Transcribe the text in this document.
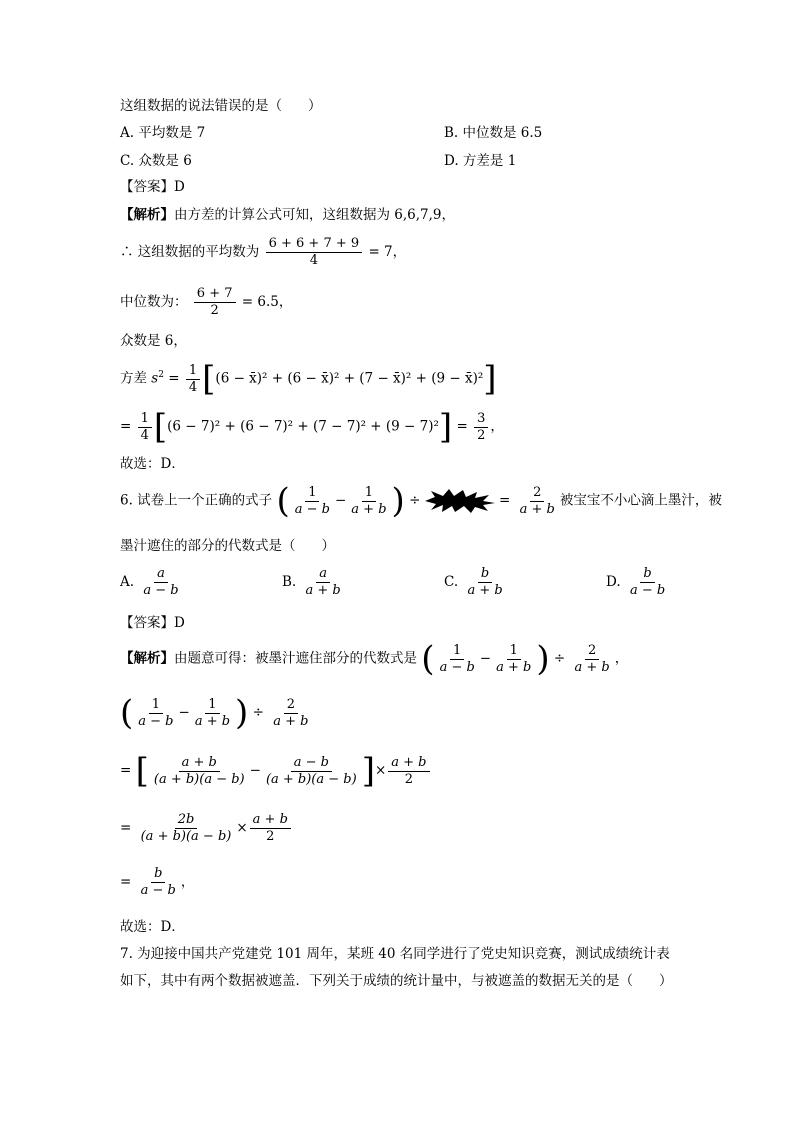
这组数据的说法错误的是（ ）
A. 平均数是 7	B. 中位数是 6.5
C. 众数是 6	D. 方差是 1
【答案】D
【解析】由方差的计算公式可知，这组数据为 6,6,7,9，
∴ 这组数据的平均数为 $\frac{6 + 6 + 7 + 9}{4} = 7$，
中位数为： $\frac{6 + 7}{2} = 6.5$，
众数是 6，
方差 $s^2 = \frac{1}{4} [(6$ − x̄)² + (6 − x̄)² + (7 − x̄)² + (9 − x̄)²]
= $\frac{1}{4} [(6 - 7)^2 + (6 - 7)^2 + (7 - 7)^2 + (9 - 7)^2] = \frac{3}{2}$ ，
故选：D．
6. 试卷上一个正确的式子 ( $\frac{1}{a - b} - \frac{1}{a + b}$ ) ÷	= $\frac{2}{a + b}$ 被宝宝不小心滴上墨汁，被
墨汁遮住的部分的代数式是（ ）
A. $\frac{a}{a - b}$	B. $\frac{a}{a + b}$	C. $\frac{b}{a + b}$	D. $\frac{b}{a - b}$
【答案】D
【解析】由题意可得：被墨汁遮住部分的代数式是 ( $\frac{1}{a - b} - \frac{1}{a + b}$ ) ÷ $\frac{2}{a + b}$ ，
( $\frac{1}{a - b} - \frac{1}{a + b}$ ) ÷ $\frac{2}{a + b}$
= [ $\frac{a + b}{(a + b)(a - b)} - \frac{a - b}{(a + b)(a - b)}$ ]× $\frac{a + b}{2}$
= $\frac{2b}{(a + b)(a - b)} \times \frac{a + b}{2}$
= $\frac{b}{a - b}$ ，
故选：D．
7. 为迎接中国共产党建党 101 周年，某班 40 名同学进行了党史知识竞赛，测试成绩统计表
如下，其中有两个数据被遮盖．下列关于成绩的统计量中，与被遮盖的数据无关的是（ ）
